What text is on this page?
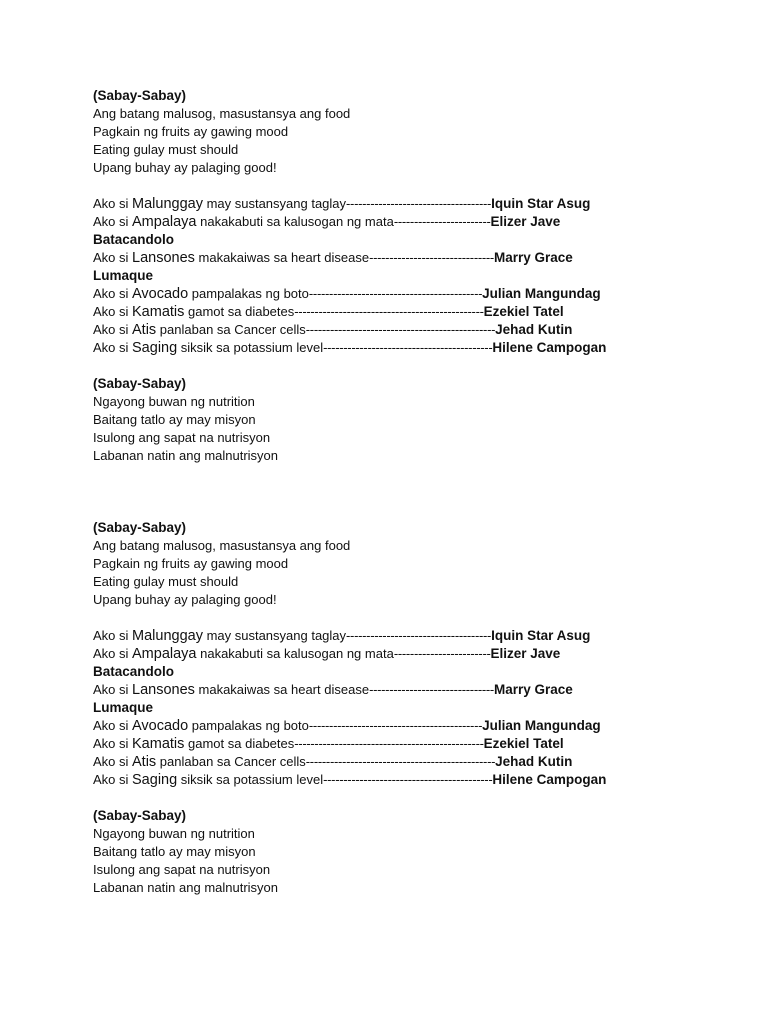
(Sabay-Sabay)
Ang batang malusog, masustansya ang food
Pagkain ng fruits ay gawing mood
Eating gulay must should
Upang buhay ay palaging good!
Ako si Malunggay may sustansyang taglay------------------------------------Iquin Star Asug
Ako si Ampalaya nakakabuti sa kalusogan ng mata------------------------Elizer Jave
Batacandolo
Ako si Lansones makakaiwas sa heart disease-------------------------------Marry Grace
Lumaque
Ako si Avocado pampalakas ng boto-------------------------------------------Julian Mangundag
Ako si Kamatis gamot sa diabetes-----------------------------------------------Ezekiel Tatel
Ako si Atis panlaban sa Cancer cells-----------------------------------------------Jehad Kutin
Ako si Saging siksik sa potassium level------------------------------------------Hilene Campogan
(Sabay-Sabay)
Ngayong buwan ng nutrition
Baitang tatlo ay may misyon
Isulong ang sapat na nutrisyon
Labanan natin ang malnutrisyon
(Sabay-Sabay)
Ang batang malusog, masustansya ang food
Pagkain ng fruits ay gawing mood
Eating gulay must should
Upang buhay ay palaging good!
Ako si Malunggay may sustansyang taglay------------------------------------Iquin Star Asug
Ako si Ampalaya nakakabuti sa kalusogan ng mata------------------------Elizer Jave
Batacandolo
Ako si Lansones makakaiwas sa heart disease-------------------------------Marry Grace
Lumaque
Ako si Avocado pampalakas ng boto-------------------------------------------Julian Mangundag
Ako si Kamatis gamot sa diabetes-----------------------------------------------Ezekiel Tatel
Ako si Atis panlaban sa Cancer cells-----------------------------------------------Jehad Kutin
Ako si Saging siksik sa potassium level------------------------------------------Hilene Campogan
(Sabay-Sabay)
Ngayong buwan ng nutrition
Baitang tatlo ay may misyon
Isulong ang sapat na nutrisyon
Labanan natin ang malnutrisyon
